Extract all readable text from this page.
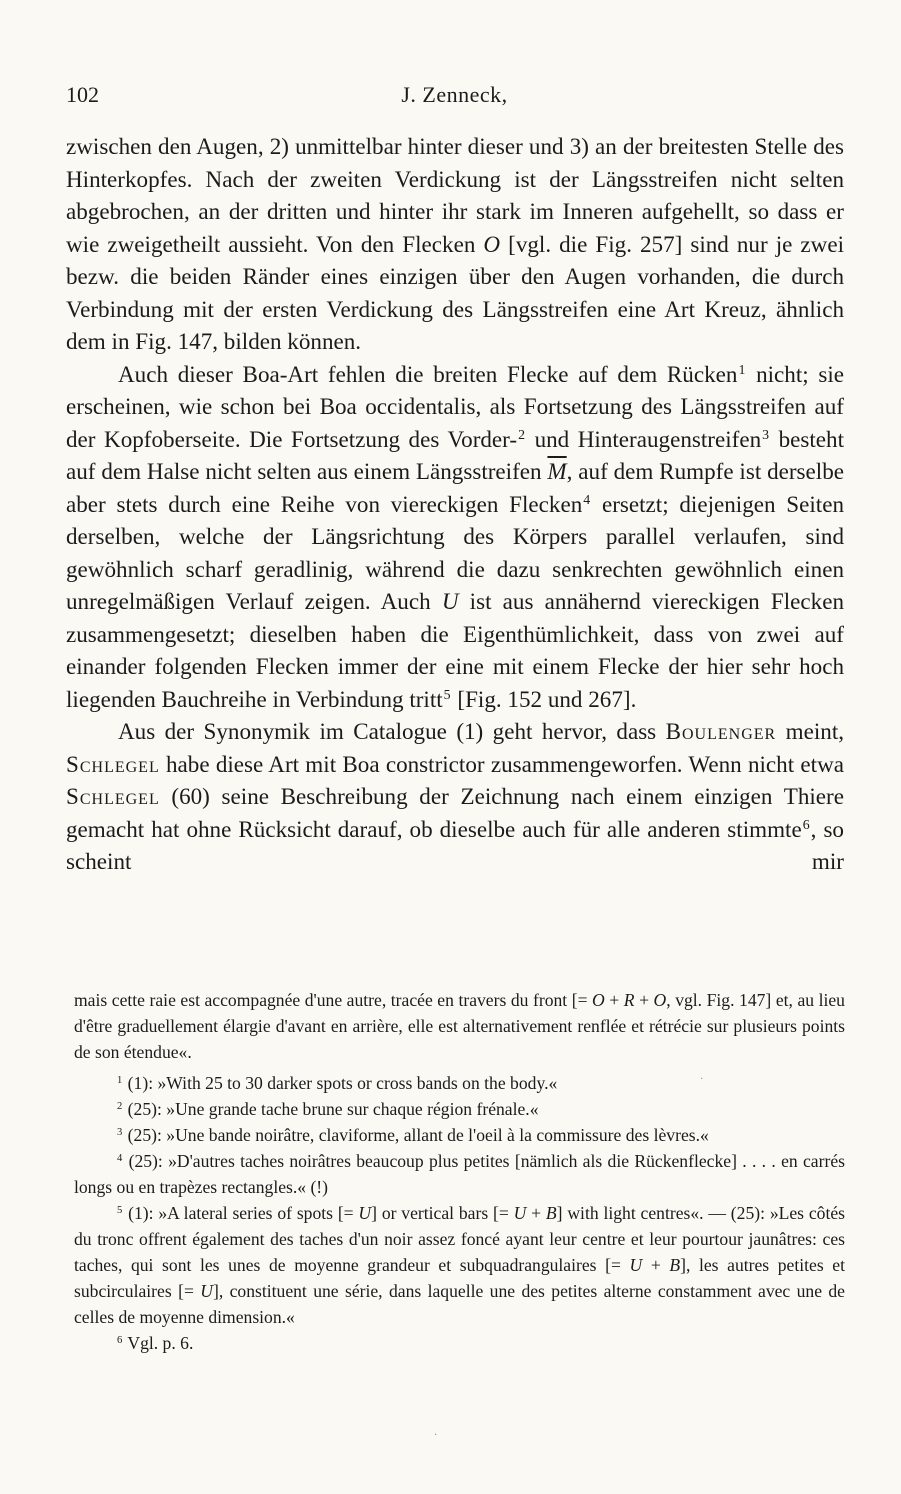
102	J. Zenneck,

zwischen den Augen, 2) unmittelbar hinter dieser und 3) an der breitesten Stelle des Hinterkopfes. Nach der zweiten Verdickung ist der Längsstreifen nicht selten abgebrochen, an der dritten und hinter ihr stark im Inneren aufgehellt, so dass er wie zweigetheilt aussieht. Von den Flecken O [vgl. die Fig. 257] sind nur je zwei bezw. die beiden Ränder eines einzigen über den Augen vorhanden, die durch Verbindung mit der ersten Verdickung des Längsstreifen eine Art Kreuz, ähnlich dem in Fig. 147, bilden können.

Auch dieser Boa-Art fehlen die breiten Flecke auf dem Rücken$^1$ nicht; sie erscheinen, wie schon bei Boa occidentalis, als Fortsetzung des Längsstreifen auf der Kopfoberseite. Die Fortsetzung des Vorder-$^2$ und Hinteraugenstreifen$^3$ besteht auf dem Halse nicht selten aus einem Längsstreifen $\overline{M}$, auf dem Rumpfe ist derselbe aber stets durch eine Reihe von viereckigen Flecken$^4$ ersetzt; diejenigen Seiten derselben, welche der Längsrichtung des Körpers parallel verlaufen, sind gewöhnlich scharf geradlinig, während die dazu senkrechten gewöhnlich einen unregelmäßigen Verlauf zeigen. Auch U ist aus annähernd viereckigen Flecken zusammengesetzt; dieselben haben die Eigenthümlichkeit, dass von zwei auf einander folgenden Flecken immer der eine mit einem Flecke der hier sehr hoch liegenden Bauchreihe in Verbindung tritt$^5$ [Fig. 152 und 267].

Aus der Synonymik im Catalogue (1) geht hervor, dass Boulenger meint, Schlegel habe diese Art mit Boa constrictor zusammengeworfen. Wenn nicht etwa Schlegel (60) seine Beschreibung der Zeichnung nach einem einzigen Thiere gemacht hat ohne Rücksicht darauf, ob dieselbe auch für alle anderen stimmte$^6$, so scheint mir

mais cette raie est accompagnée d'une autre, tracée en travers du front [= O + R + O, vgl. Fig. 147] et, au lieu d'être graduellement élargie d'avant en arrière, elle est alternativement renflée et rétrécie sur plusieurs points de son étendue«.

$^1$ (1): »With 25 to 30 darker spots or cross bands on the body.«

$^2$ (25): »Une grande tache brune sur chaque région frénale.«

$^3$ (25): »Une bande noirâtre, claviforme, allant de l'oeil à la commissure des lèvres.«

$^4$ (25): »D'autres taches noirâtres beaucoup plus petites [nämlich als die Rückenflecke] . . . . en carrés longs ou en trapèzes rectangles.« (!)

$^5$ (1): »A lateral series of spots [= U] or vertical bars [= U + B] with light centres«. — (25): »Les côtés du tronc offrent également des taches d'un noir assez foncé ayant leur centre et leur pourtour jaunâtres: ces taches, qui sont les unes de moyenne grandeur et subquadrangulaires [= U + B], les autres petites et subcirculaires [= U], constituent une série, dans laquelle une des petites alterne constamment avec une de celles de moyenne dimension.«

$^6$ Vgl. p. 6.

·
·
